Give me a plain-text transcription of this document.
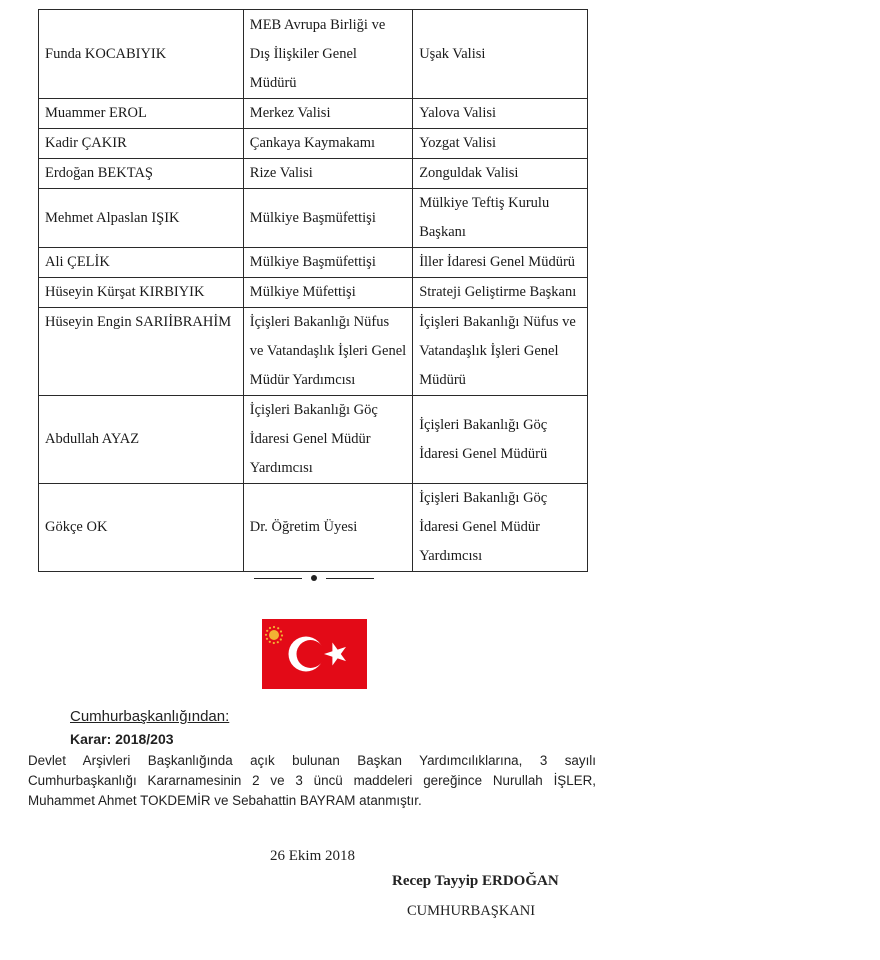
Funda KOCABIYIK	MEB Avrupa Birliği ve Dış İlişkiler Genel Müdürü	Uşak Valisi
Muammer EROL	Merkez Valisi	Yalova Valisi
Kadir ÇAKIR	Çankaya Kaymakamı	Yozgat Valisi
Erdoğan BEKTAŞ	Rize Valisi	Zonguldak Valisi
Mehmet Alpaslan IŞIK	Mülkiye Başmüfettişi	Mülkiye Teftiş Kurulu Başkanı
Ali ÇELİK	Mülkiye Başmüfettişi	İller İdaresi Genel Müdürü
Hüseyin Kürşat KIRBIYIK	Mülkiye Müfettişi	Strateji Geliştirme Başkanı
Hüseyin Engin SARIİBRAHİM	İçişleri Bakanlığı Nüfus ve Vatandaşlık İşleri Genel Müdür Yardımcısı	İçişleri Bakanlığı Nüfus ve Vatandaşlık İşleri Genel Müdürü
Abdullah AYAZ	İçişleri Bakanlığı Göç İdaresi Genel Müdür Yardımcısı	İçişleri Bakanlığı Göç İdaresi Genel Müdürü
Gökçe OK	Dr. Öğretim Üyesi	İçişleri Bakanlığı Göç İdaresi Genel Müdür Yardımcısı
Cumhurbaşkanlığından:
Karar: 2018/203

Devlet Arşivleri Başkanlığında açık bulunan Başkan Yardımcılıklarına, 3 sayılı Cumhurbaşkanlığı Kararnamesinin 2 ve 3 üncü maddeleri gereğince Nurullah İŞLER, Muhammet Ahmet TOKDEMİR ve Sebahattin BAYRAM atanmıştır.

26 Ekim 2018
Recep Tayyip ERDOĞAN
CUMHURBAŞKANI
